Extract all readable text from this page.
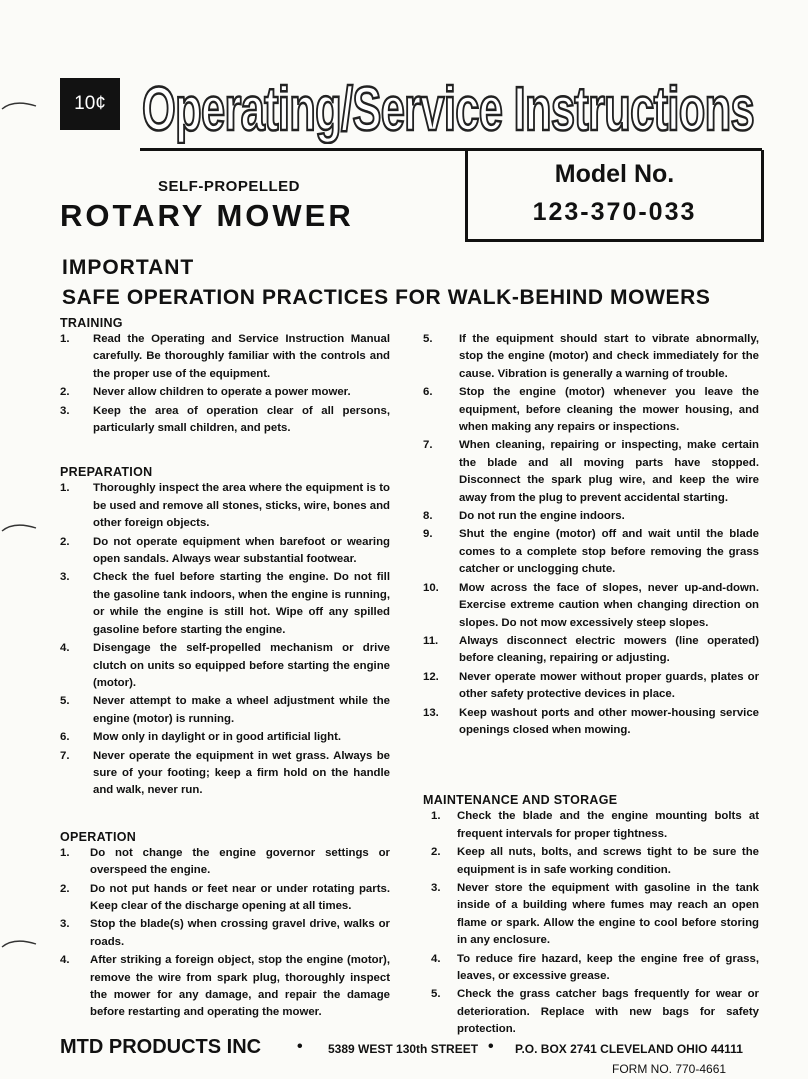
10¢ Operating/Service Instructions
Model No.
123-370-033
SELF-PROPELLED
ROTARY MOWER
IMPORTANT
SAFE OPERATION PRACTICES FOR WALK-BEHIND MOWERS
TRAINING
1.	Read the Operating and Service Instruction Manual carefully. Be thoroughly familiar with the controls and the proper use of the equipment.
2.	Never allow children to operate a power mower.
3.	Keep the area of operation clear of all persons, particularly small children, and pets.
PREPARATION
1.	Thoroughly inspect the area where the equipment is to be used and remove all stones, sticks, wire, bones and other foreign objects.
2.	Do not operate equipment when barefoot or wearing open sandals. Always wear substantial footwear.
3.	Check the fuel before starting the engine. Do not fill the gasoline tank indoors, when the engine is running, or while the engine is still hot. Wipe off any spilled gasoline before starting the engine.
4.	Disengage the self-propelled mechanism or drive clutch on units so equipped before starting the engine (motor).
5.	Never attempt to make a wheel adjustment while the engine (motor) is running.
6.	Mow only in daylight or in good artificial light.
7.	Never operate the equipment in wet grass. Always be sure of your footing; keep a firm hold on the handle and walk, never run.
OPERATION
1.	Do not change the engine governor settings or overspeed the engine.
2.	Do not put hands or feet near or under rotating parts. Keep clear of the discharge opening at all times.
3.	Stop the blade(s) when crossing gravel drive, walks or roads.
4.	After striking a foreign object, stop the engine (motor), remove the wire from spark plug, thoroughly inspect the mower for any damage, and repair the damage before restarting and operating the mower.
5.	If the equipment should start to vibrate abnormally, stop the engine (motor) and check immediately for the cause. Vibration is generally a warning of trouble.
6.	Stop the engine (motor) whenever you leave the equipment, before cleaning the mower housing, and when making any repairs or inspections.
7.	When cleaning, repairing or inspecting, make certain the blade and all moving parts have stopped. Disconnect the spark plug wire, and keep the wire away from the plug to prevent accidental starting.
8.	Do not run the engine indoors.
9.	Shut the engine (motor) off and wait until the blade comes to a complete stop before removing the grass catcher or unclogging chute.
10.	Mow across the face of slopes, never up-and-down. Exercise extreme caution when changing direction on slopes. Do not mow excessively steep slopes.
11.	Always disconnect electric mowers (line operated) before cleaning, repairing or adjusting.
12.	Never operate mower without proper guards, plates or other safety protective devices in place.
13.	Keep washout ports and other mower-housing service openings closed when mowing.
MAINTENANCE AND STORAGE
1.	Check the blade and the engine mounting bolts at frequent intervals for proper tightness.
2.	Keep all nuts, bolts, and screws tight to be sure the equipment is in safe working condition.
3.	Never store the equipment with gasoline in the tank inside of a building where fumes may reach an open flame or spark. Allow the engine to cool before storing in any enclosure.
4.	To reduce fire hazard, keep the engine free of grass, leaves, or excessive grease.
5.	Check the grass catcher bags frequently for wear or deterioration. Replace with new bags for safety protection.
MTD PRODUCTS INC • 5389 WEST 130th STREET • P.O. BOX 2741 CLEVELAND OHIO 44111
FORM NO. 770-4661
